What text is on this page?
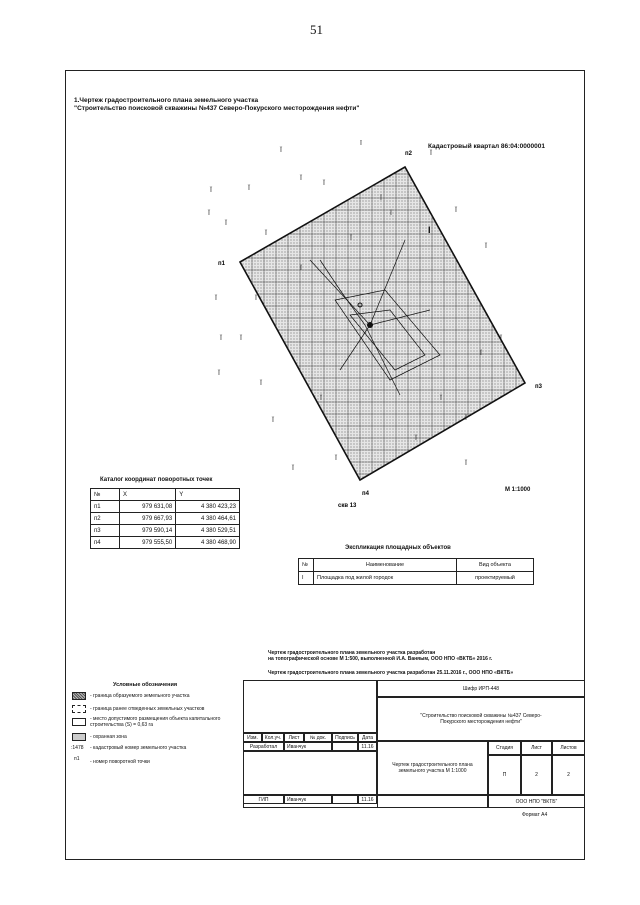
51
1.Чертеж градостроительного плана земельного участка
"Строительство поисковой скважины №437 Северо-Покурского месторождения нефти"
ĭ
ĭ
ĭ
ĭ	ĭ
ĭ
ĭ
ĭ
ĭ
ĭ
ĭ
ĭ
ĭ
ĭ	ĭ
ĭ
ĭ
ĭ
ĭ
ĭ
ĭ
ĭ
ĭ
ĭ
ĭ
ĭ
ĭ
ĭ
ĭ
ĭ
ĭ
ĭ
п2
п1
п3
п4
I
скв 13
Кадастровый квартал 86:04:0000001
М 1:1000
Каталог координат поворотных точек
№	X	Y
п1	979 631,08	4 380 423,23
п2	979 667,93	4 380 464,61
п3	979 590,14	4 380 529,51
п4	979 555,50	4 380 468,90
Экспликация площадных объектов
№	Наименование	Вид объекта
I	Площадка под жилой городок	проектируемый
Чертеж градостроительного плана земельного участка разработан
на топографической основе М 1:500, выполненной И.А. Ваняым, ООО НПО «ВКТБ» 2016 г.
Чертеж градостроительного плана земельного участка разработан 25.11.2016 г., ООО НПО «ВКТБ»
Условные обозначения
- граница образуемого земельного участка
- граница ранее отведенных земельных участков
- место допустимого размещения объекта капитального строительства (S) = 0,63 га
- охранная зона
:1478 - кадастровый номер земельного участка
п1 - номер поворотной точки
Шифр ИРП-448
"Строительство поисковой скважины №437 Северо-Покурского месторождения нефти"
Изм.	Кол.уч.	Лист	№ док.	Подпись	Дата
Разработал	Иванчук	11.16
ГИП	Иванчук	11.16
Чертеж градостроительного плана земельного участка М 1:1000
Стадия	Лист	Листов
П	2	2
ООО НПО "ВКТБ"
Формат А4
